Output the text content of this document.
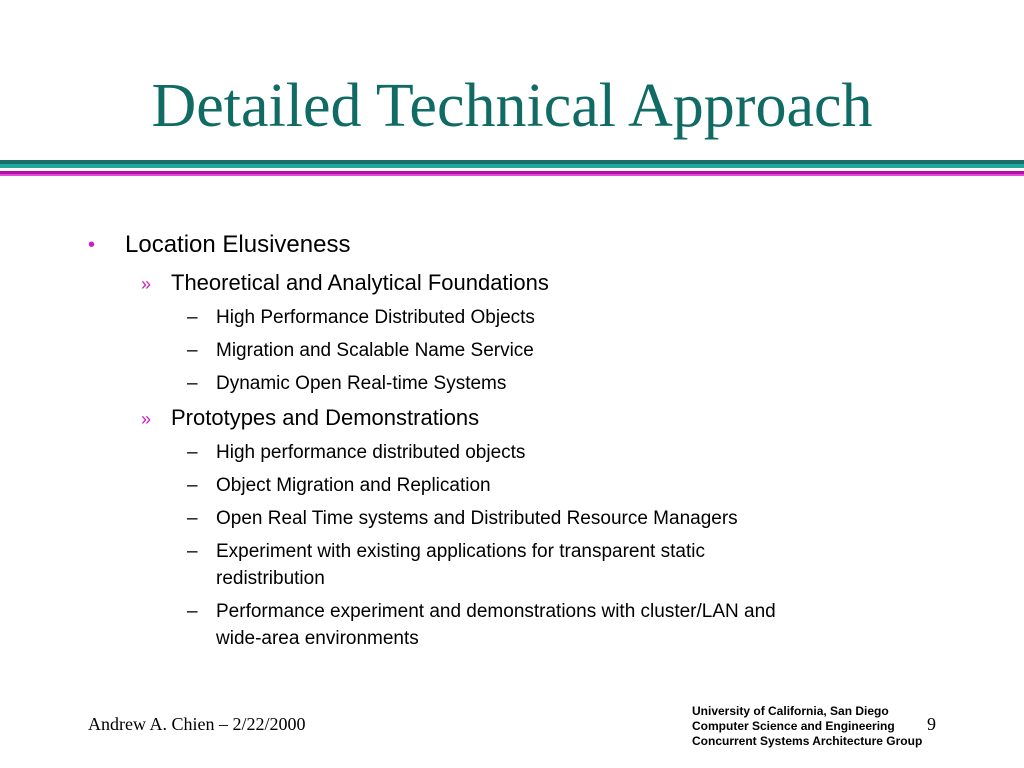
Detailed Technical Approach
• Location Elusiveness
» Theoretical and Analytical Foundations
– High Performance Distributed Objects
– Migration and Scalable Name Service
– Dynamic Open Real-time Systems
» Prototypes and Demonstrations
– High performance distributed objects
– Object Migration and Replication
– Open Real Time systems and Distributed Resource Managers
– Experiment with existing applications for transparent static
redistribution
– Performance experiment and demonstrations with cluster/LAN and
wide-area environments
Andrew A. Chien – 2/22/2000
University of California, San Diego
Computer Science and Engineering
Concurrent Systems Architecture Group
9
